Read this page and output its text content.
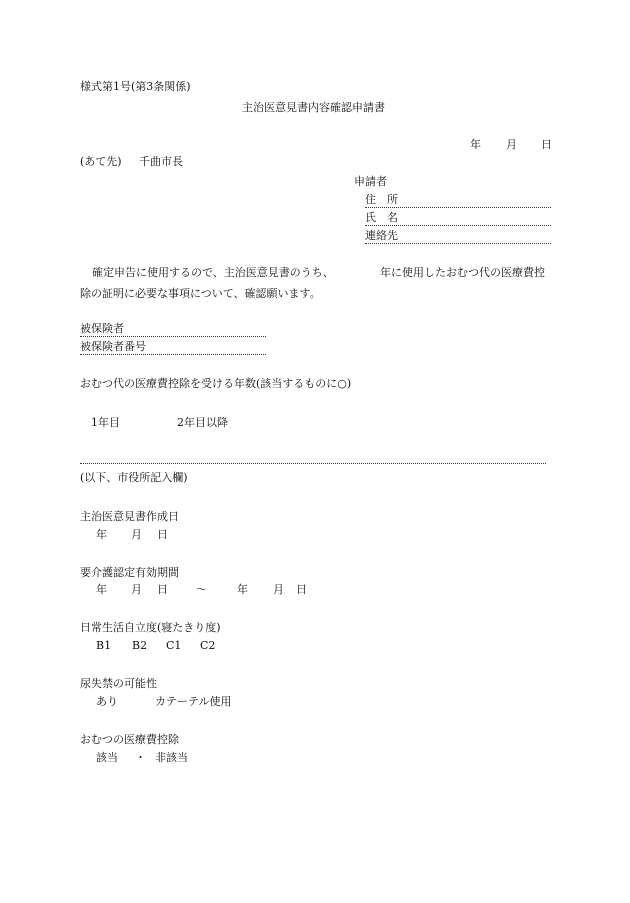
様式第1号(第3条関係)
主治医意見書内容確認申請書
年 月 日
(あて先) 千曲市長
申請者
住　所
氏　名
連絡先
確定申告に使用するので、主治医意見書のうち、	年に使用したおむつ代の医療費控
除の証明に必要な事項について、確認願います。
被保険者
被保険者番号
おむつ代の医療費控除を受ける年数(該当するものに○)
1年目	2年目以降
(以下、市役所記入欄)
主治医意見書作成日
年 月 日
要介護認定有効期間
年 月 日	～	年 月 日
日常生活自立度(寝たきり度)
B1 B2 C1 C2
尿失禁の可能性
あり	カテーテル使用
おむつの医療費控除
該当 ・ 非該当
